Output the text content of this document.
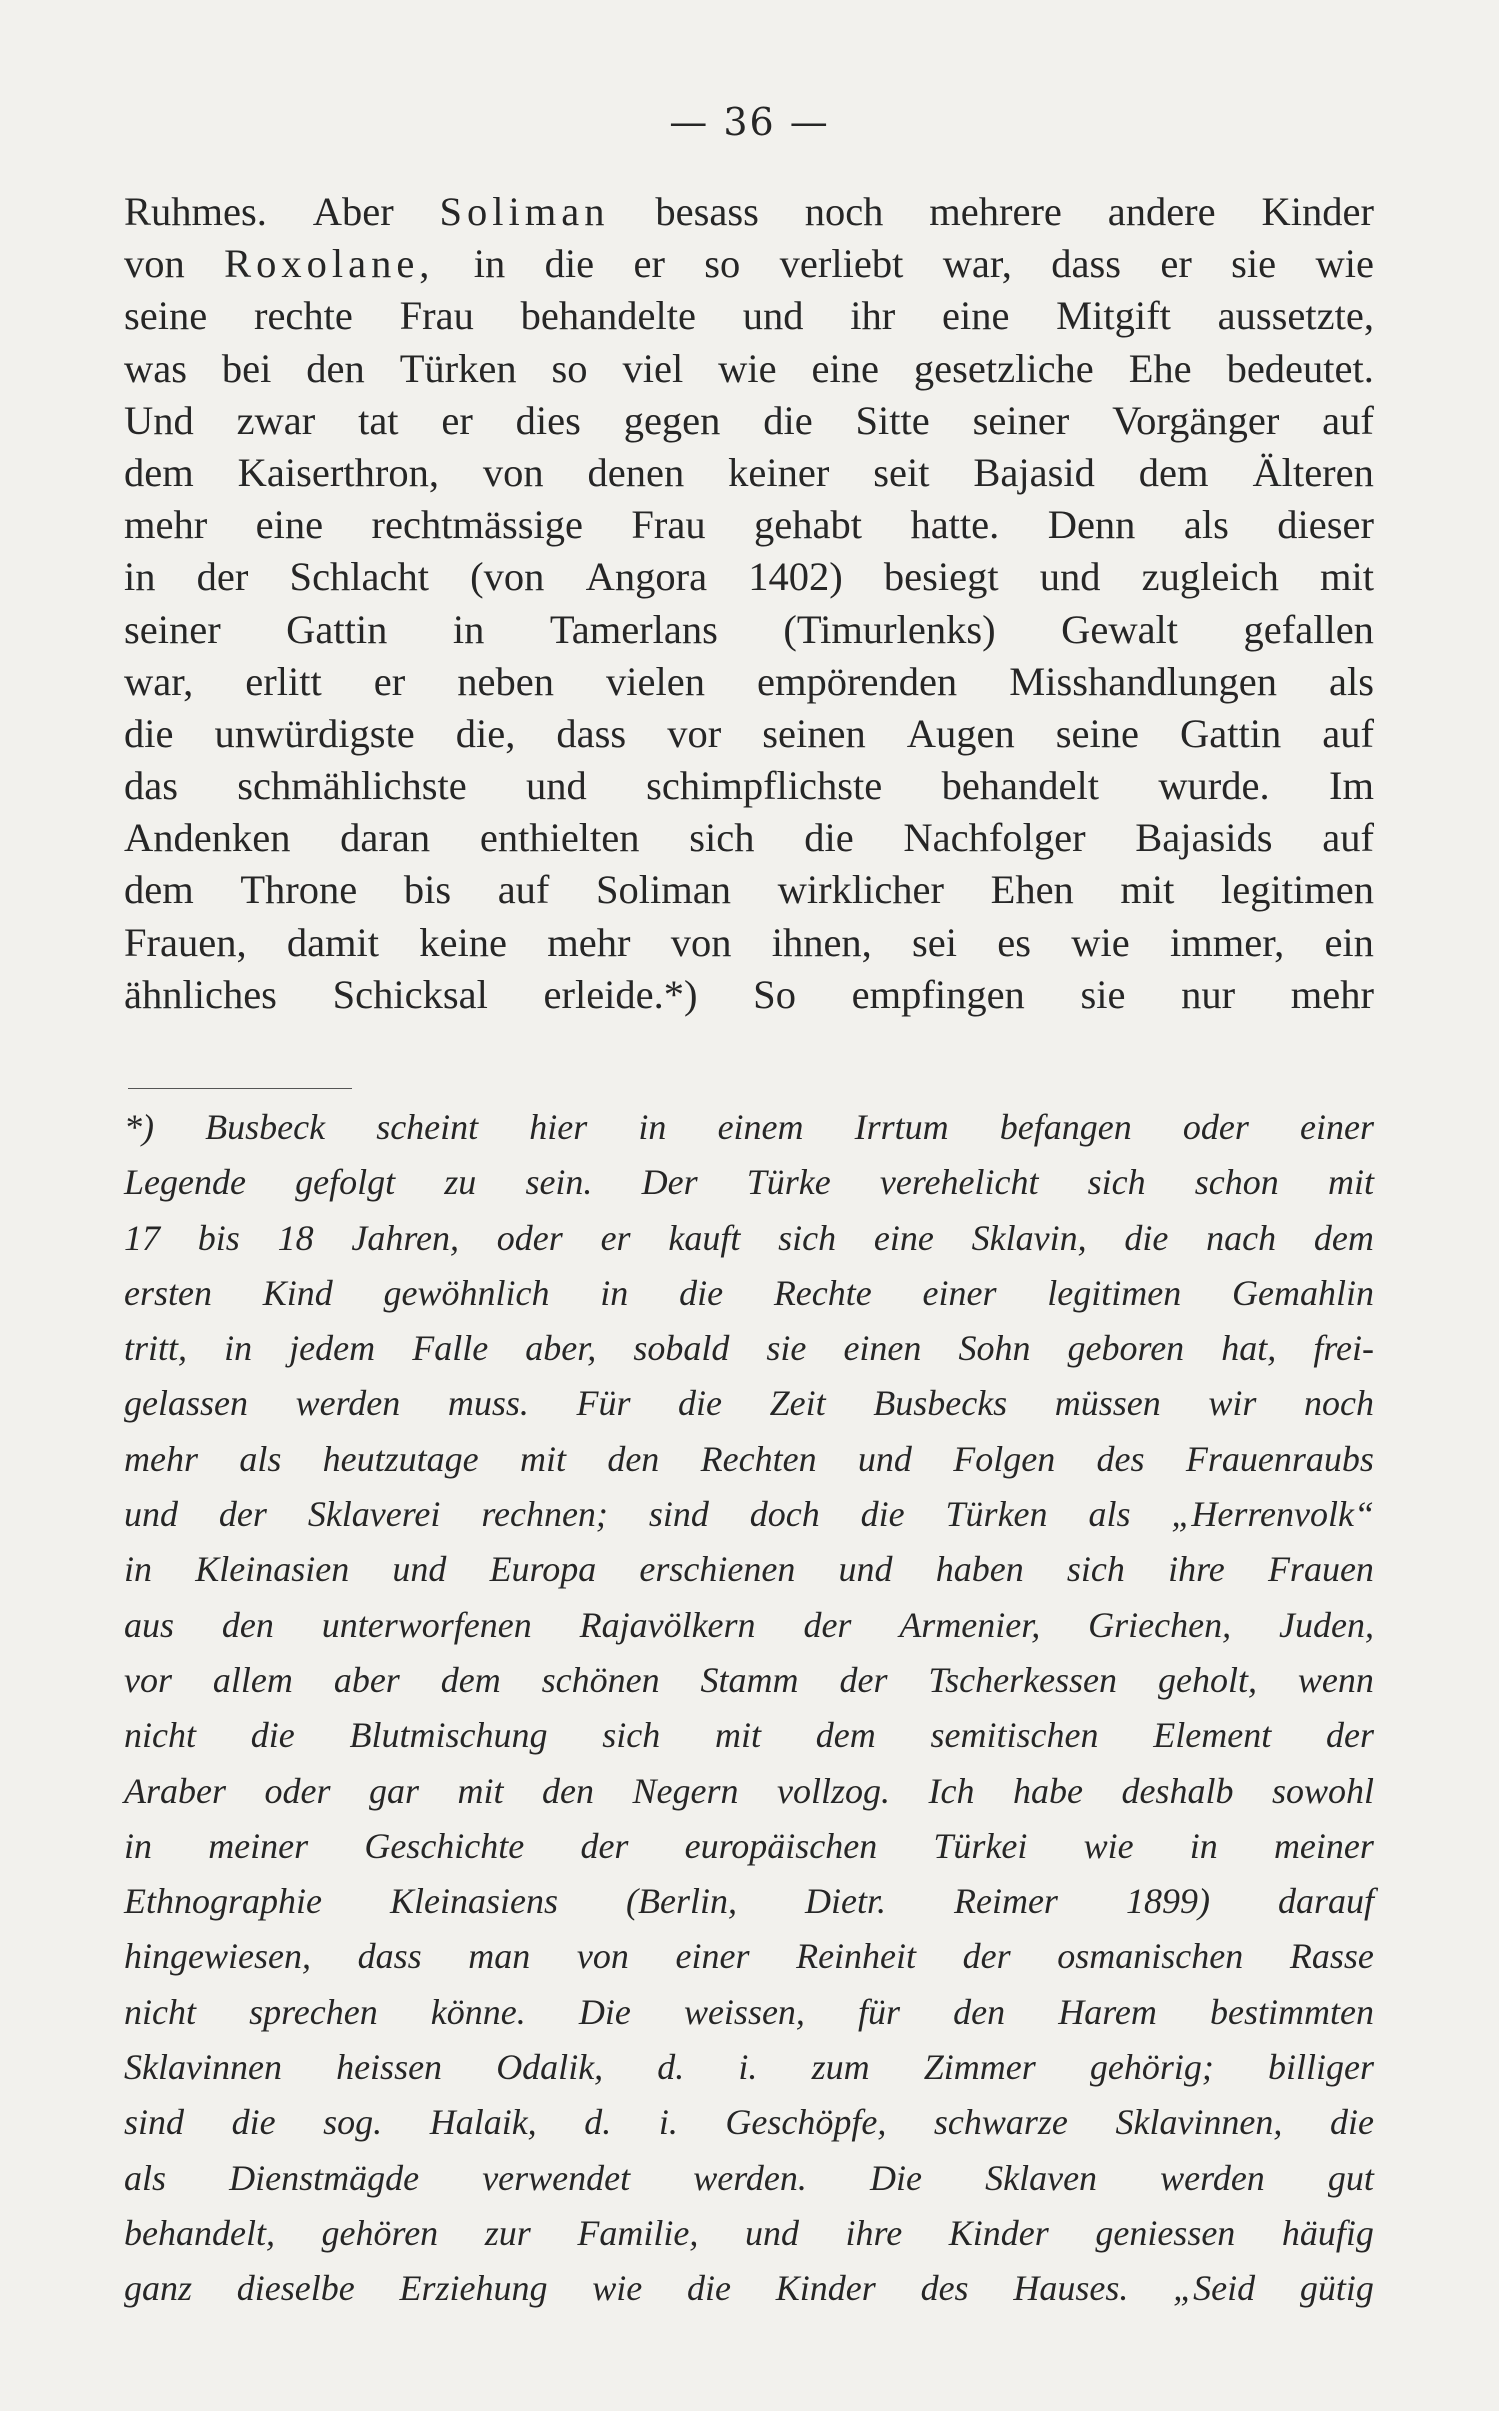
— 36 —
Ruhmes. Aber Soliman besass noch mehrere andere Kinder
von Roxolane, in die er so verliebt war, dass er sie wie
seine rechte Frau behandelte und ihr eine Mitgift aussetzte,
was bei den Türken so viel wie eine gesetzliche Ehe bedeutet.
Und zwar tat er dies gegen die Sitte seiner Vorgänger auf
dem Kaiserthron, von denen keiner seit Bajasid dem Älteren
mehr eine rechtmässige Frau gehabt hatte. Denn als dieser
in der Schlacht (von Angora 1402) besiegt und zugleich mit
seiner Gattin in Tamerlans (Timurlenks) Gewalt gefallen
war, erlitt er neben vielen empörenden Misshandlungen als
die unwürdigste die, dass vor seinen Augen seine Gattin auf
das schmählichste und schimpflichste behandelt wurde. Im
Andenken daran enthielten sich die Nachfolger Bajasids auf
dem Throne bis auf Soliman wirklicher Ehen mit legitimen
Frauen, damit keine mehr von ihnen, sei es wie immer, ein
ähnliches Schicksal erleide.*) So empfingen sie nur mehr
*) Busbeck scheint hier in einem Irrtum befangen oder einer
Legende gefolgt zu sein. Der Türke verehelicht sich schon mit
17 bis 18 Jahren, oder er kauft sich eine Sklavin, die nach dem
ersten Kind gewöhnlich in die Rechte einer legitimen Gemahlin
tritt, in jedem Falle aber, sobald sie einen Sohn geboren hat, frei-
gelassen werden muss. Für die Zeit Busbecks müssen wir noch
mehr als heutzutage mit den Rechten und Folgen des Frauenraubs
und der Sklaverei rechnen; sind doch die Türken als „Herrenvolk“
in Kleinasien und Europa erschienen und haben sich ihre Frauen
aus den unterworfenen Rajavölkern der Armenier, Griechen, Juden,
vor allem aber dem schönen Stamm der Tscherkessen geholt, wenn
nicht die Blutmischung sich mit dem semitischen Element der
Araber oder gar mit den Negern vollzog. Ich habe deshalb sowohl
in meiner Geschichte der europäischen Türkei wie in meiner
Ethnographie Kleinasiens (Berlin, Dietr. Reimer 1899) darauf
hingewiesen, dass man von einer Reinheit der osmanischen Rasse
nicht sprechen könne. Die weissen, für den Harem bestimmten
Sklavinnen heissen Odalik, d. i. zum Zimmer gehörig; billiger
sind die sog. Halaik, d. i. Geschöpfe, schwarze Sklavinnen, die
als Dienstmägde verwendet werden. Die Sklaven werden gut
behandelt, gehören zur Familie, und ihre Kinder geniessen häufig
ganz dieselbe Erziehung wie die Kinder des Hauses. „Seid gütig
